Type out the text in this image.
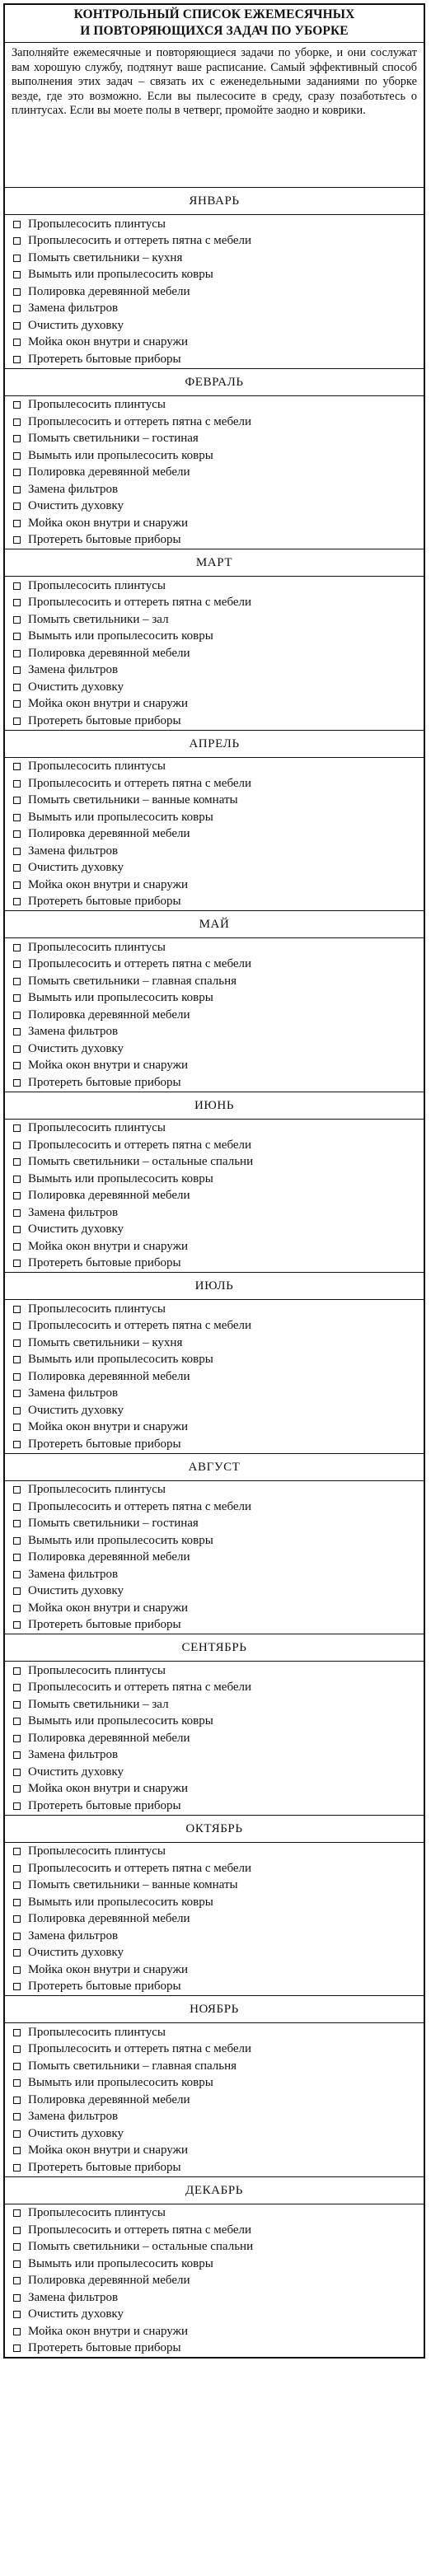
КОНТРОЛЬНЫЙ СПИСОК ЕЖЕМЕСЯЧНЫХ
И ПОВТОРЯЮЩИХСЯ ЗАДАЧ ПО УБОРКЕ
Заполняйте ежемесячные и повторяющиеся задачи по уборке, и они сослужат вам хорошую службу, подтянут ваше расписание. Самый эффективный способ выполнения этих задач – связать их с еженедельными заданиями по уборке везде, где это возможно. Если вы пылесосите в среду, сразу позаботьтесь о плинтусах. Если вы моете полы в четверг, промойте заодно и коврики.
ЯНВАРЬ
Пропылесосить плинтусы
Пропылесосить и оттереть пятна с мебели
Помыть светильники – кухня
Вымыть или пропылесосить ковры
Полировка деревянной мебели
Замена фильтров
Очистить духовку
Мойка окон внутри и снаружи
Протереть бытовые приборы
ФЕВРАЛЬ
Пропылесосить плинтусы
Пропылесосить и оттереть пятна с мебели
Помыть светильники – гостиная
Вымыть или пропылесосить ковры
Полировка деревянной мебели
Замена фильтров
Очистить духовку
Мойка окон внутри и снаружи
Протереть бытовые приборы
МАРТ
Пропылесосить плинтусы
Пропылесосить и оттереть пятна с мебели
Помыть светильники – зал
Вымыть или пропылесосить ковры
Полировка деревянной мебели
Замена фильтров
Очистить духовку
Мойка окон внутри и снаружи
Протереть бытовые приборы
АПРЕЛЬ
Пропылесосить плинтусы
Пропылесосить и оттереть пятна с мебели
Помыть светильники – ванные комнаты
Вымыть или пропылесосить ковры
Полировка деревянной мебели
Замена фильтров
Очистить духовку
Мойка окон внутри и снаружи
Протереть бытовые приборы
МАЙ
Пропылесосить плинтусы
Пропылесосить и оттереть пятна с мебели
Помыть светильники – главная спальня
Вымыть или пропылесосить ковры
Полировка деревянной мебели
Замена фильтров
Очистить духовку
Мойка окон внутри и снаружи
Протереть бытовые приборы
ИЮНЬ
Пропылесосить плинтусы
Пропылесосить и оттереть пятна с мебели
Помыть светильники – остальные спальни
Вымыть или пропылесосить ковры
Полировка деревянной мебели
Замена фильтров
Очистить духовку
Мойка окон внутри и снаружи
Протереть бытовые приборы
ИЮЛЬ
Пропылесосить плинтусы
Пропылесосить и оттереть пятна с мебели
Помыть светильники – кухня
Вымыть или пропылесосить ковры
Полировка деревянной мебели
Замена фильтров
Очистить духовку
Мойка окон внутри и снаружи
Протереть бытовые приборы
АВГУСТ
Пропылесосить плинтусы
Пропылесосить и оттереть пятна с мебели
Помыть светильники – гостиная
Вымыть или пропылесосить ковры
Полировка деревянной мебели
Замена фильтров
Очистить духовку
Мойка окон внутри и снаружи
Протереть бытовые приборы
СЕНТЯБРЬ
Пропылесосить плинтусы
Пропылесосить и оттереть пятна с мебели
Помыть светильники – зал
Вымыть или пропылесосить ковры
Полировка деревянной мебели
Замена фильтров
Очистить духовку
Мойка окон внутри и снаружи
Протереть бытовые приборы
ОКТЯБРЬ
Пропылесосить плинтусы
Пропылесосить и оттереть пятна с мебели
Помыть светильники – ванные комнаты
Вымыть или пропылесосить ковры
Полировка деревянной мебели
Замена фильтров
Очистить духовку
Мойка окон внутри и снаружи
Протереть бытовые приборы
НОЯБРЬ
Пропылесосить плинтусы
Пропылесосить и оттереть пятна с мебели
Помыть светильники – главная спальня
Вымыть или пропылесосить ковры
Полировка деревянной мебели
Замена фильтров
Очистить духовку
Мойка окон внутри и снаружи
Протереть бытовые приборы
ДЕКАБРЬ
Пропылесосить плинтусы
Пропылесосить и оттереть пятна с мебели
Помыть светильники – остальные спальни
Вымыть или пропылесосить ковры
Полировка деревянной мебели
Замена фильтров
Очистить духовку
Мойка окон внутри и снаружи
Протереть бытовые приборы
